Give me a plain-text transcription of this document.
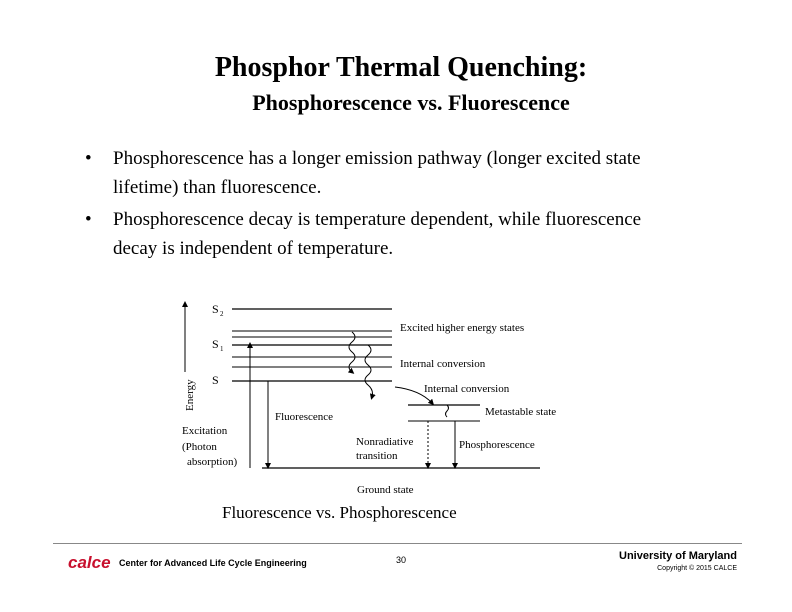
Phosphor Thermal Quenching:
Phosphorescence vs. Fluorescence
• Phosphorescence has a longer emission pathway (longer excited state lifetime) than fluorescence.
• Phosphorescence decay is temperature dependent, while fluorescence decay is independent of temperature.
Energy
S 2
S 1
S
Excited higher energy states
Internal conversion
Internal conversion
Metastable state
Fluorescence
Nonradiative
transition
Phosphorescence
Ground state
Excitation
(Photon
absorption)
Fluorescence vs. Phosphorescence
calce Center for Advanced Life Cycle Engineering	30	University of Maryland
Copyright © 2015 CALCE
